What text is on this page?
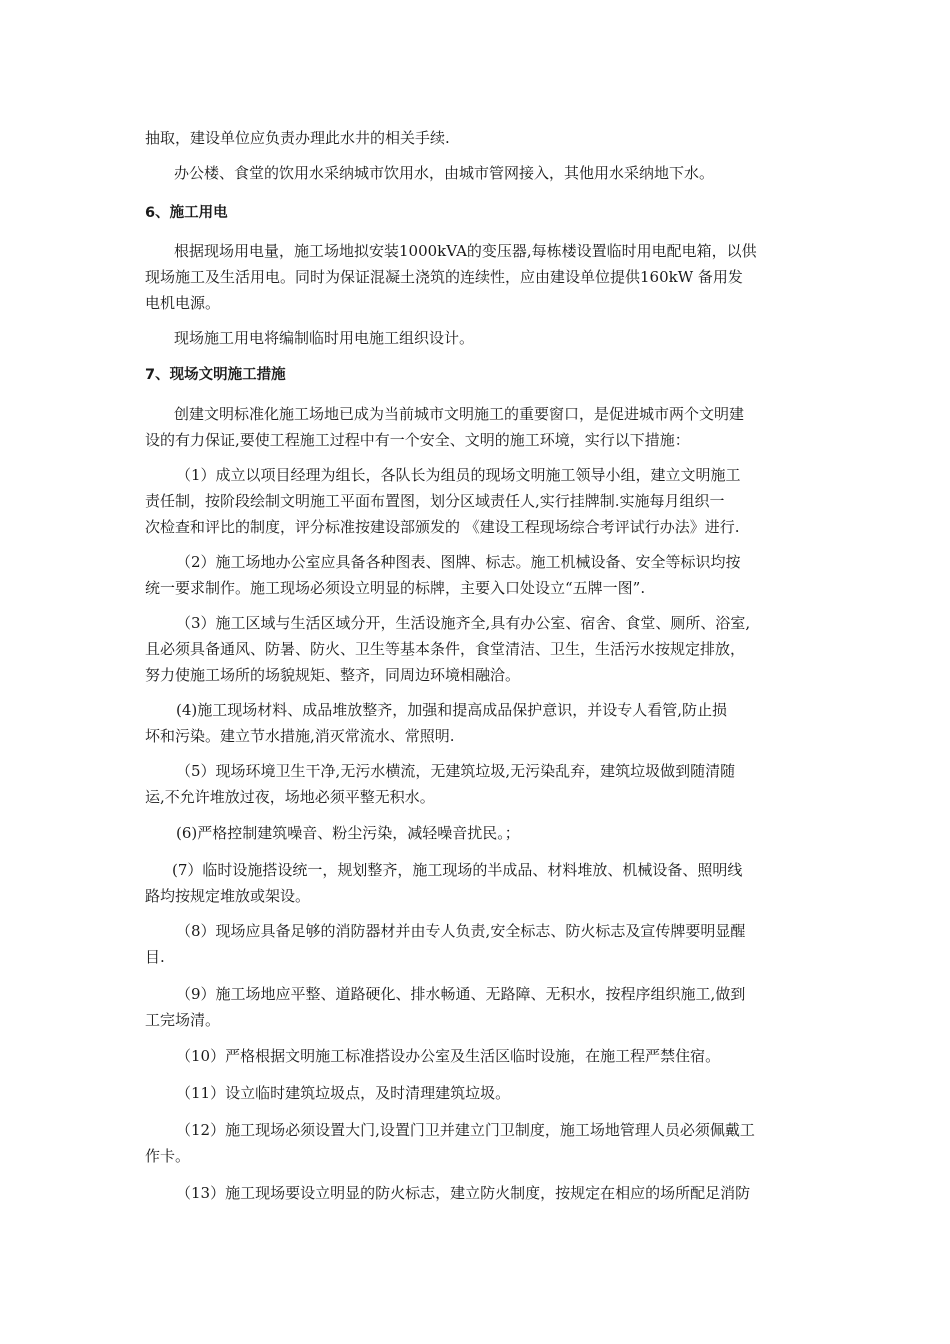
抽取，建设单位应负责办理此水井的相关手续.
办公楼、食堂的饮用水采纳城市饮用水，由城市管网接入，其他用水采纳地下水。
6、施工用电
根据现场用电量，施工场地拟安装1000kVA的变压器,每栋楼设置临时用电配电箱，以供
现场施工及生活用电。同时为保证混凝土浇筑的连续性，应由建设单位提供160kW 备用发
电机电源。
现场施工用电将编制临时用电施工组织设计。
7、现场文明施工措施
创建文明标准化施工场地已成为当前城市文明施工的重要窗口，是促进城市两个文明建
设的有力保证,要使工程施工过程中有一个安全、文明的施工环境，实行以下措施：
（1）成立以项目经理为组长，各队长为组员的现场文明施工领导小组，建立文明施工
责任制，按阶段绘制文明施工平面布置图，划分区域责任人,实行挂牌制.实施每月组织一
次检查和评比的制度，评分标准按建设部颁发的 《建设工程现场综合考评试行办法》进行.
（2）施工场地办公室应具备各种图表、图牌、标志。施工机械设备、安全等标识均按
统一要求制作。施工现场必须设立明显的标牌，主要入口处设立“五牌一图”.
（3）施工区域与生活区域分开，生活设施齐全,具有办公室、宿舍、食堂、厕所、浴室,
且必须具备通风、防暑、防火、卫生等基本条件，食堂清洁、卫生，生活污水按规定排放，
努力使施工场所的场貌规矩、整齐，同周边环境相融洽。
(4)施工现场材料、成品堆放整齐，加强和提高成品保护意识，并设专人看管,防止损
坏和污染。建立节水措施,消灭常流水、常照明.
（5）现场环境卫生干净,无污水横流，无建筑垃圾,无污染乱弃，建筑垃圾做到随清随
运,不允许堆放过夜，场地必须平整无积水。
(6)严格控制建筑噪音、粉尘污染，减轻噪音扰民。；
(7）临时设施搭设统一，规划整齐，施工现场的半成品、材料堆放、机械设备、照明线
路均按规定堆放或架设。
（8）现场应具备足够的消防器材并由专人负责,安全标志、防火标志及宣传牌要明显醒
目.
（9）施工场地应平整、道路硬化、排水畅通、无路障、无积水，按程序组织施工,做到
工完场清。
（10）严格根据文明施工标准搭设办公室及生活区临时设施，在施工程严禁住宿。
（11）设立临时建筑垃圾点，及时清理建筑垃圾。
（12）施工现场必须设置大门,设置门卫并建立门卫制度，施工场地管理人员必须佩戴工
作卡。
（13）施工现场要设立明显的防火标志，建立防火制度，按规定在相应的场所配足消防
